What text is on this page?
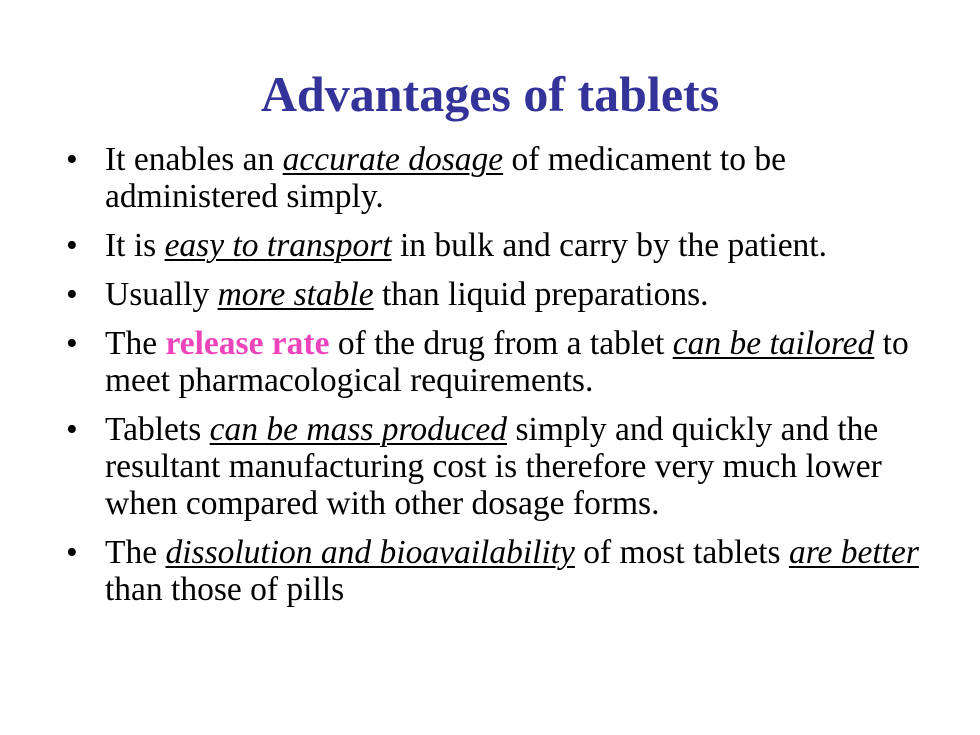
Advantages of tablets
• It enables an accurate dosage of medicament to be administered simply.
• It is easy to transport in bulk and carry by the patient.
• Usually more stable than liquid preparations.
• The release rate of the drug from a tablet can be tailored to meet pharmacological requirements.
• Tablets can be mass produced simply and quickly and the resultant manufacturing cost is therefore very much lower when compared with other dosage forms.
• The dissolution and bioavailability of most tablets are better than those of pills
